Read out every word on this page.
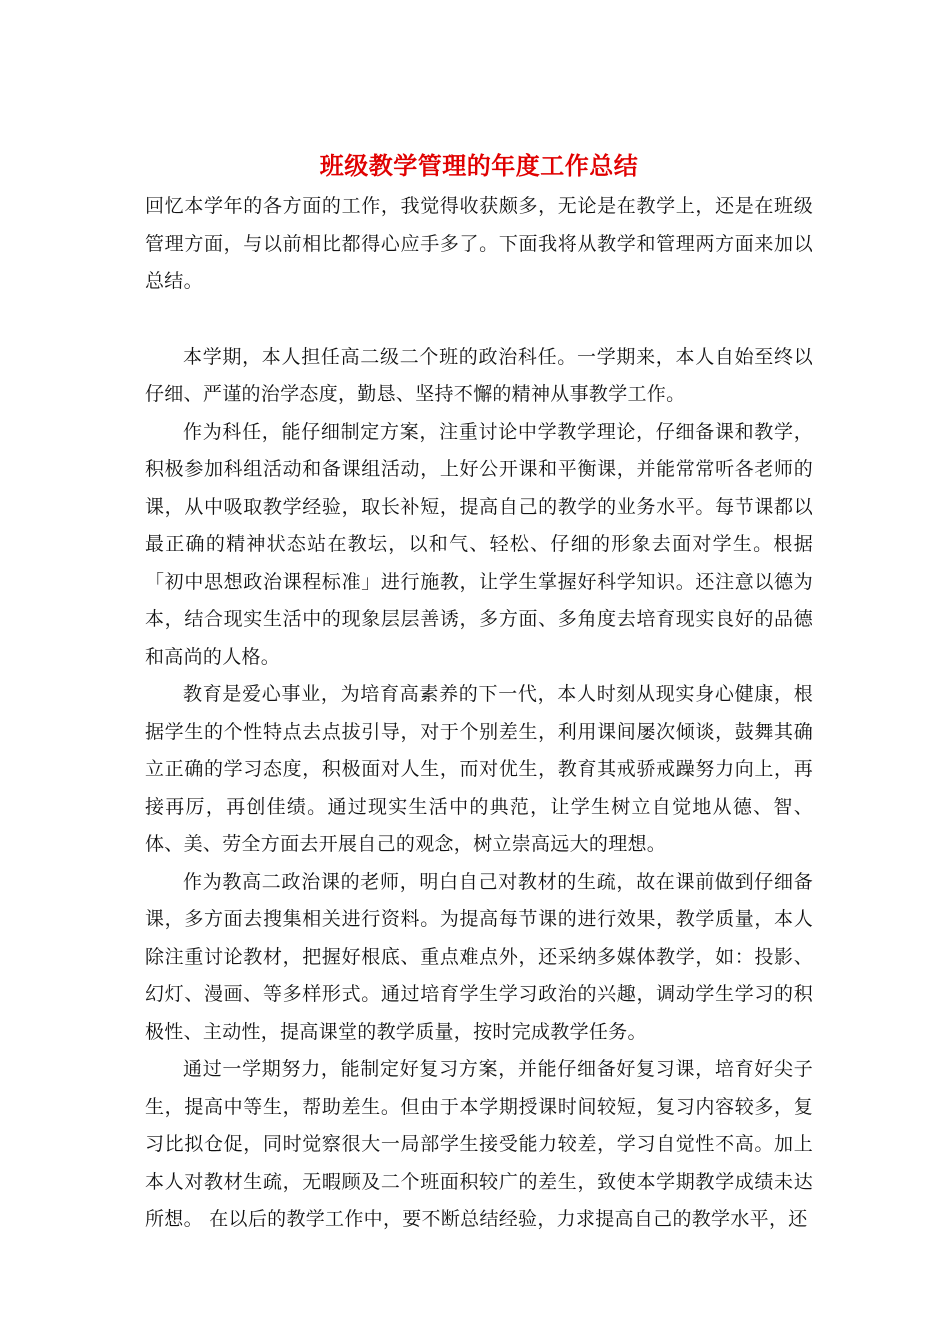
班级教学管理的年度工作总结

回忆本学年的各方面的工作，我觉得收获颇多，无论是在教学上，还是在班级管理方面，与以前相比都得心应手多了。下面我将从教学和管理两方面来加以总结。

本学期，本人担任高二级二个班的政治科任。一学期来，本人自始至终以仔细、严谨的治学态度，勤恳、坚持不懈的精神从事教学工作。

作为科任，能仔细制定方案，注重讨论中学教学理论，仔细备课和教学，积极参加科组活动和备课组活动，上好公开课和平衡课，并能常常听各老师的课，从中吸取教学经验，取长补短，提高自己的教学的业务水平。每节课都以最正确的精神状态站在教坛，以和气、轻松、仔细的形象去面对学生。根据「初中思想政治课程标准」进行施教，让学生掌握好科学知识。还注意以德为本，结合现实生活中的现象层层善诱，多方面、多角度去培育现实良好的品德和高尚的人格。

教育是爱心事业，为培育高素养的下一代，本人时刻从现实身心健康，根据学生的个性特点去点拔引导，对于个别差生，利用课间屡次倾谈，鼓舞其确立正确的学习态度，积极面对人生，而对优生，教育其戒骄戒躁努力向上，再接再厉，再创佳绩。通过现实生活中的典范，让学生树立自觉地从德、智、体、美、劳全方面去开展自己的观念，树立崇高远大的理想。

作为教高二政治课的老师，明白自己对教材的生疏，故在课前做到仔细备课，多方面去搜集相关进行资料。为提高每节课的进行效果，教学质量，本人除注重讨论教材，把握好根底、重点难点外，还采纳多媒体教学，如：投影、幻灯、漫画、等多样形式。通过培育学生学习政治的兴趣，调动学生学习的积极性、主动性，提高课堂的教学质量，按时完成教学任务。

通过一学期努力，能制定好复习方案，并能仔细备好复习课，培育好尖子生，提高中等生，帮助差生。但由于本学期授课时间较短，复习内容较多，复习比拟仓促，同时觉察很大一局部学生接受能力较差，学习自觉性不高。加上本人对教材生疏，无暇顾及二个班面积较广的差生，致使本学期教学成绩未达所想。 在以后的教学工作中，要不断总结经验，力求提高自己的教学水平，还
